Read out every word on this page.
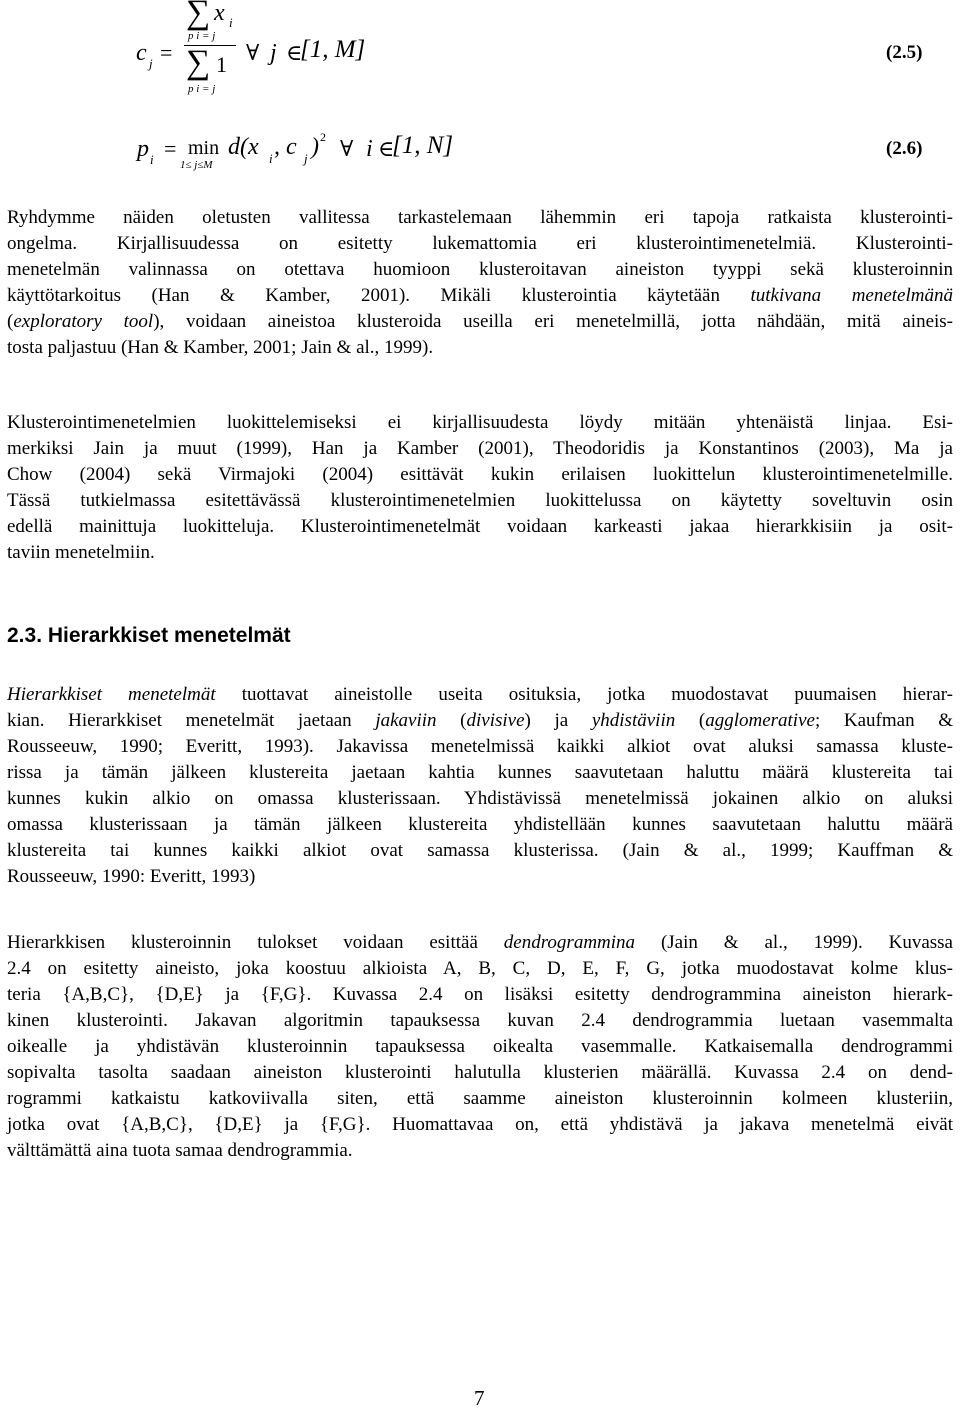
c j =
∑ x i
p i = j
∑ 1
p i = j
∀ j ∈
[1, M]	(2.5)
p i = min
1≤ j≤M
d(x i , c j ) 2 ∀ i ∈
[1, N]	(2.6)
Ryhdymme näiden oletusten vallitessa tarkastelemaan lähemmin eri tapoja ratkaista klusterointi-
ongelma. Kirjallisuudessa on esitetty lukemattomia eri klusterointimenetelmiä. Klusterointi-
menetelmän valinnassa on otettava huomioon klusteroitavan aineiston tyyppi sekä klusteroinnin
käyttötarkoitus (Han & Kamber, 2001). Mikäli klusterointia käytetään tutkivana menetelmänä
(exploratory tool), voidaan aineistoa klusteroida useilla eri menetelmillä, jotta nähdään, mitä aineis-
tosta paljastuu (Han & Kamber, 2001; Jain & al., 1999).
Klusterointimenetelmien luokittelemiseksi ei kirjallisuudesta löydy mitään yhtenäistä linjaa. Esi-
merkiksi Jain ja muut (1999), Han ja Kamber (2001), Theodoridis ja Konstantinos (2003), Ma ja
Chow (2004) sekä Virmajoki (2004) esittävät kukin erilaisen luokittelun klusterointimenetelmille.
Tässä tutkielmassa esitettävässä klusterointimenetelmien luokittelussa on käytetty soveltuvin osin
edellä mainittuja luokitteluja. Klusterointimenetelmät voidaan karkeasti jakaa hierarkkisiin ja osit-
taviin menetelmiin.
2.3. Hierarkkiset menetelmät
Hierarkkiset menetelmät tuottavat aineistolle useita osituksia, jotka muodostavat puumaisen hierar-
kian. Hierarkkiset menetelmät jaetaan jakaviin (divisive) ja yhdistäviin (agglomerative; Kaufman &
Rousseeuw, 1990; Everitt, 1993). Jakavissa menetelmissä kaikki alkiot ovat aluksi samassa kluste-
rissa ja tämän jälkeen klustereita jaetaan kahtia kunnes saavutetaan haluttu määrä klustereita tai
kunnes kukin alkio on omassa klusterissaan. Yhdistävissä menetelmissä jokainen alkio on aluksi
omassa klusterissaan ja tämän jälkeen klustereita yhdistellään kunnes saavutetaan haluttu määrä
klustereita tai kunnes kaikki alkiot ovat samassa klusterissa. (Jain & al., 1999; Kauffman &
Rousseeuw, 1990: Everitt, 1993)
Hierarkkisen klusteroinnin tulokset voidaan esittää dendrogrammina (Jain & al., 1999). Kuvassa
2.4 on esitetty aineisto, joka koostuu alkioista A, B, C, D, E, F, G, jotka muodostavat kolme klus-
teria {A,B,C}, {D,E} ja {F,G}. Kuvassa 2.4 on lisäksi esitetty dendrogrammina aineiston hierark-
kinen klusterointi. Jakavan algoritmin tapauksessa kuvan 2.4 dendrogrammia luetaan vasemmalta
oikealle ja yhdistävän klusteroinnin tapauksessa oikealta vasemmalle. Katkaisemalla dendrogrammi
sopivalta tasolta saadaan aineiston klusterointi halutulla klusterien määrällä. Kuvassa 2.4 on dend-
rogrammi katkaistu katkoviivalla siten, että saamme aineiston klusteroinnin kolmeen klusteriin,
jotka ovat {A,B,C}, {D,E} ja {F,G}. Huomattavaa on, että yhdistävä ja jakava menetelmä eivät
välttämättä aina tuota samaa dendrogrammia.
7
